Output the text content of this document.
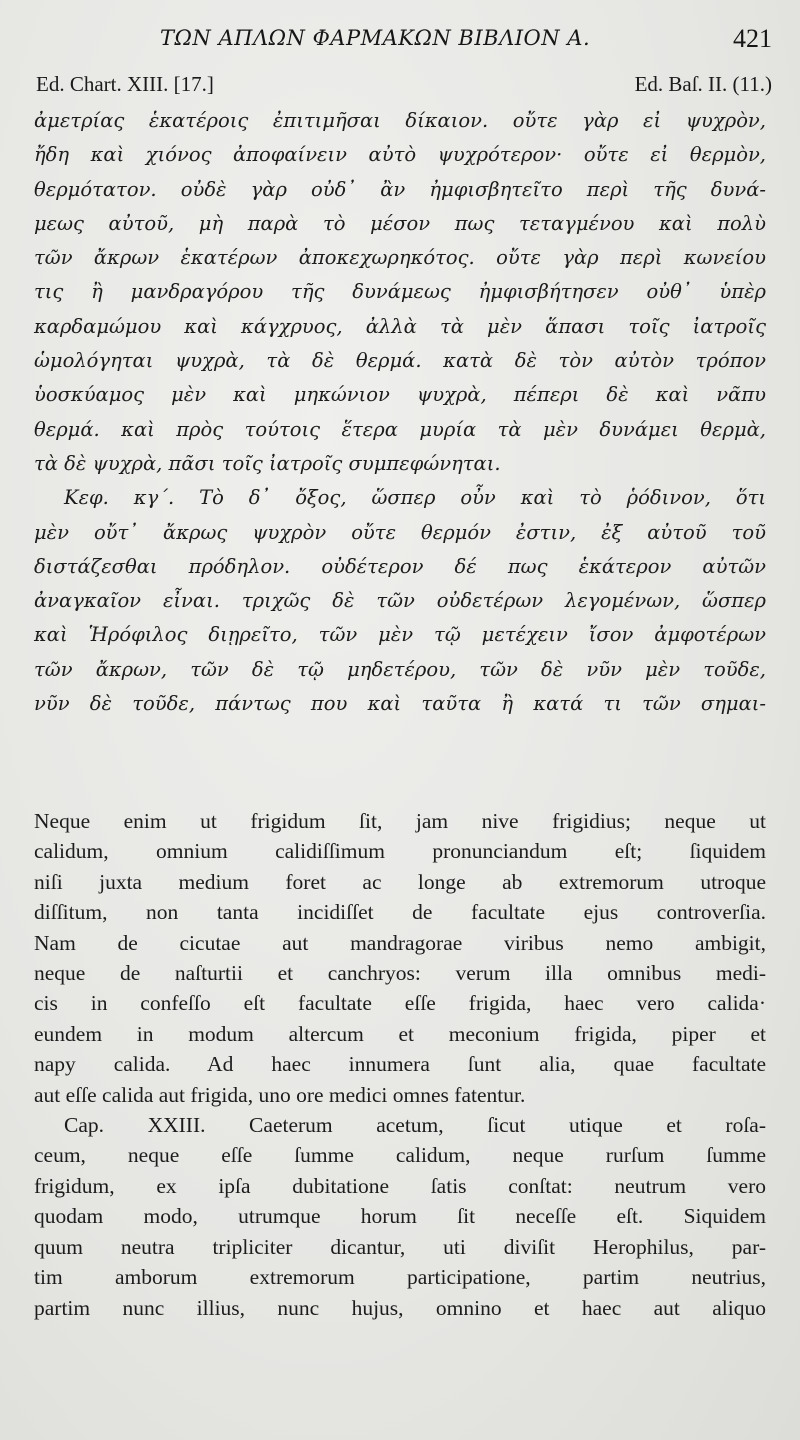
ΤΩΝ ΑΠΛΩΝ ΦΑΡΜΑΚΩΝ ΒΙΒΛΙΟΝ Α.	421
Ed. Chart. XIII. [17.]	Ed. Baſ. II. (11.)
ἀμετρίας ἑκατέροις ἐπιτιμῆσαι δίκαιον. οὔτε γὰρ εἰ ψυχρὸν,
ἤδη καὶ χιόνος ἀποφαίνειν αὐτὸ ψυχρότερον· οὔτε εἰ θερμὸν,
θερμότατον. οὐδὲ γὰρ οὐδ᾽ ἂν ἠμφισβητεῖτο περὶ τῆς δυνά-
μεως αὐτοῦ, μὴ παρὰ τὸ μέσον πως τεταγμένου καὶ πολὺ
τῶν ἄκρων ἑκατέρων ἀποκεχωρηκότος. οὔτε γὰρ περὶ κωνείου
τις ἢ μανδραγόρου τῆς δυνάμεως ἠμφισβήτησεν οὐθ᾽ ὑπὲρ
καρδαμώμου καὶ κάγχρυος, ἀλλὰ τὰ μὲν ἅπασι τοῖς ἰατροῖς
ὡμολόγηται ψυχρὰ, τὰ δὲ θερμά. κατὰ δὲ τὸν αὐτὸν τρόπον
ὑοσκύαμος μὲν καὶ μηκώνιον ψυχρὰ, πέπερι δὲ καὶ νᾶπυ
θερμά. καὶ πρὸς τούτοις ἕτερα μυρία τὰ μὲν δυνάμει θερμὰ,
τὰ δὲ ψυχρὰ, πᾶσι τοῖς ἰατροῖς συμπεφώνηται.
Κεφ. κγ΄. Τὸ δ᾽ ὄξος, ὥσπερ οὖν καὶ τὸ ῥόδινον, ὅτι
μὲν οὔτ᾽ ἄκρως ψυχρὸν οὔτε θερμόν ἐστιν, ἐξ αὐτοῦ τοῦ
διστάζεσθαι πρόδηλον. οὐδέτερον δέ πως ἑκάτερον αὐτῶν
ἀναγκαῖον εἶναι. τριχῶς δὲ τῶν οὐδετέρων λεγομένων, ὥσπερ
καὶ Ἡρόφιλος διῃρεῖτο, τῶν μὲν τῷ μετέχειν ἴσον ἀμφοτέρων
τῶν ἄκρων, τῶν δὲ τῷ μηδετέρου, τῶν δὲ νῦν μὲν τοῦδε,
νῦν δὲ τοῦδε, πάντως που καὶ ταῦτα ἢ κατά τι τῶν σημαι-
Neque enim ut frigidum ſit, jam nive frigidius; neque ut
calidum, omnium calidiſſimum pronunciandum eſt; ſiquidem
niſi juxta medium foret ac longe ab extremorum utroque
diſſitum, non tanta incidiſſet de facultate ejus controverſia.
Nam de cicutae aut mandragorae viribus nemo ambigit,
neque de naſturtii et canchryos: verum illa omnibus medi-
cis in confeſſo eſt facultate eſſe frigida, haec vero calida·
eundem in modum altercum et meconium frigida, piper et
napy calida. Ad haec innumera ſunt alia, quae facultate
aut eſſe calida aut frigida, uno ore medici omnes fatentur.
Cap. XXIII. Caeterum acetum, ſicut utique et roſa-
ceum, neque eſſe ſumme calidum, neque rurſum ſumme
frigidum, ex ipſa dubitatione ſatis conſtat: neutrum vero
quodam modo, utrumque horum ſit neceſſe eſt. Siquidem
quum neutra tripliciter dicantur, uti diviſit Herophilus, par-
tim amborum extremorum participatione, partim neutrius,
partim nunc illius, nunc hujus, omnino et haec aut aliquo
